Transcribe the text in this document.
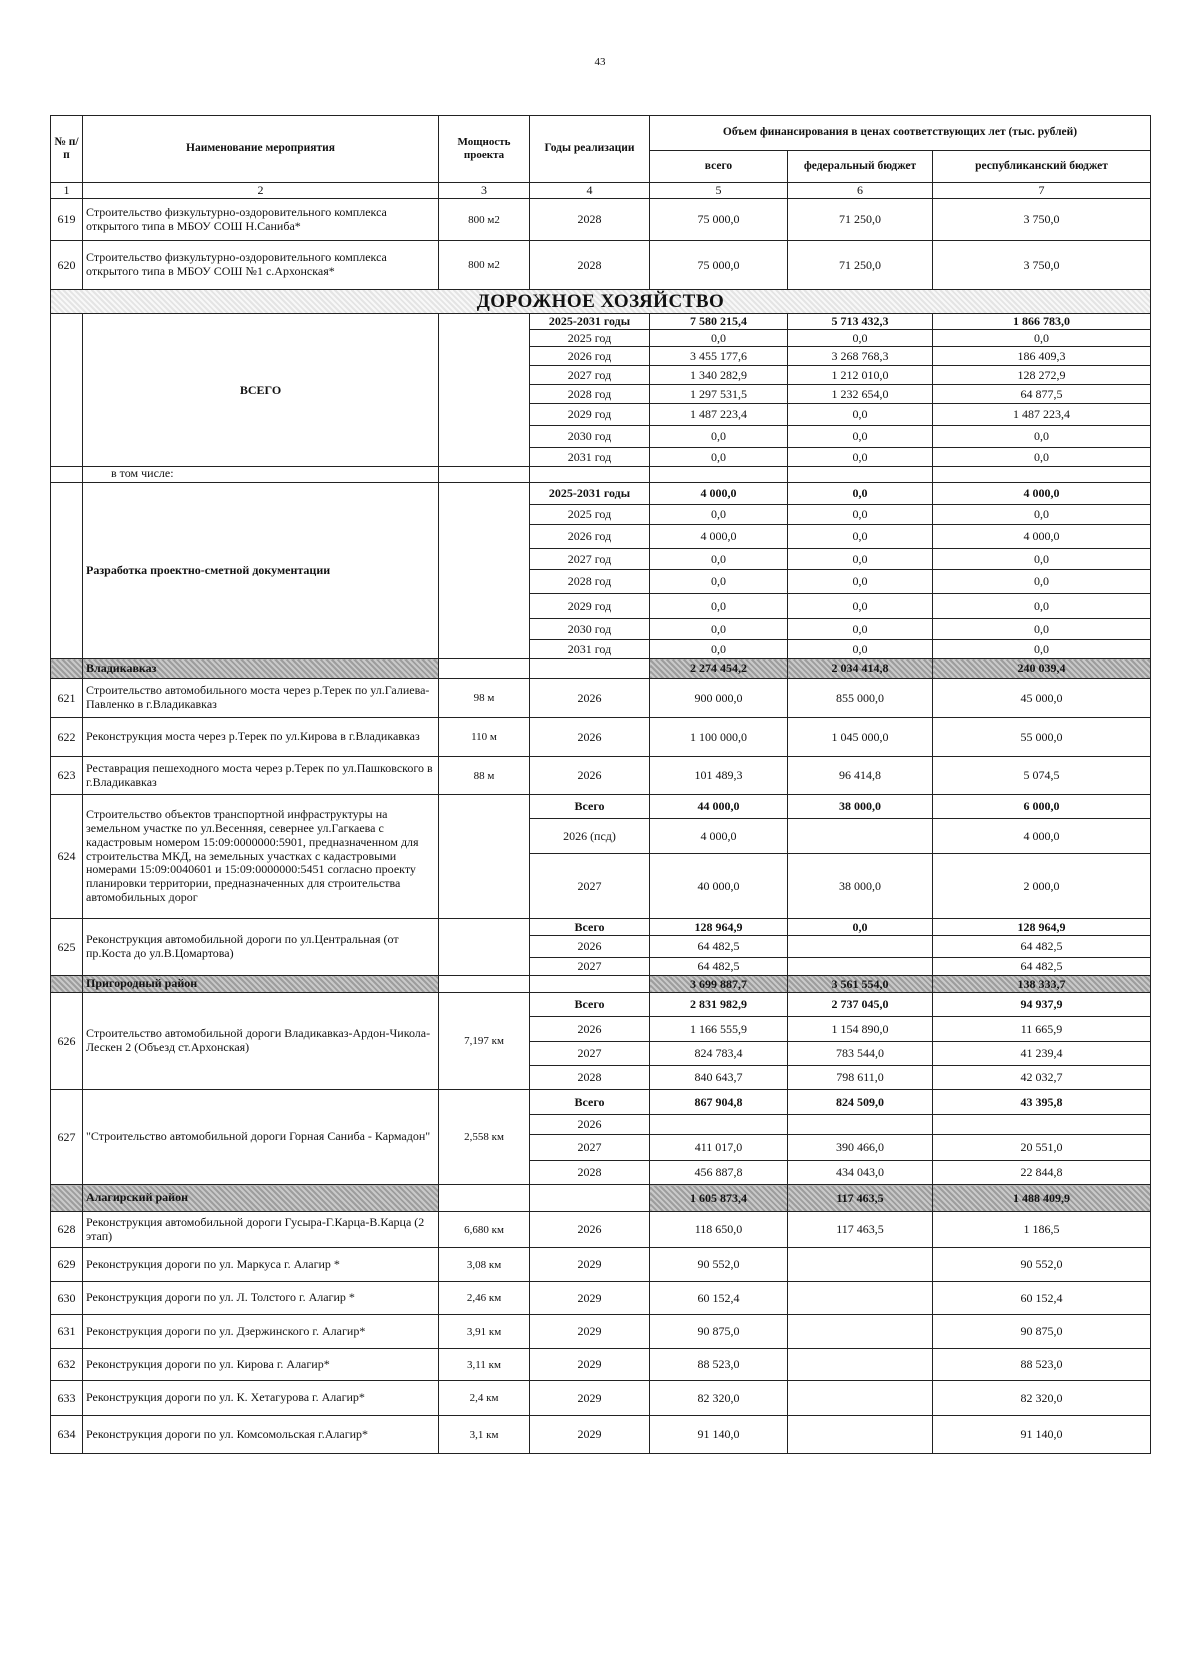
43
№ п/п	Наименование мероприятия	Мощность проекта	Годы реализации	Объем финансирования в ценах соответствующих лет (тыс. рублей)		
				всего	федеральный бюджет	республиканский бюджет
1	2	3	4	5	6	7
619	Строительство физкультурно-оздоровительного комплекса открытого типа в МБОУ СОШ Н.Саниба*	800 м2	2028	75 000,0	71 250,0	3 750,0
620	Строительство физкультурно-оздоровительного комплекса открытого типа в МБОУ СОШ №1 с.Архонская*	800 м2	2028	75 000,0	71 250,0	3 750,0
ДОРОЖНОЕ ХОЗЯЙСТВО						
	ВСЕГО		2025-2031 годы	7 580 215,4	5 713 432,3	1 866 783,0
			2025 год	0,0	0,0	0,0
			2026 год	3 455 177,6	3 268 768,3	186 409,3
			2027 год	1 340 282,9	1 212 010,0	128 272,9
			2028 год	1 297 531,5	1 232 654,0	64 877,5
			2029 год	1 487 223,4	0,0	1 487 223,4
			2030 год	0,0	0,0	0,0
			2031 год	0,0	0,0	0,0
	в том числе:					
	Разработка проектно-сметной документации		2025-2031 годы	4 000,0	0,0	4 000,0
			2025 год	0,0	0,0	0,0
			2026 год	4 000,0	0,0	4 000,0
			2027 год	0,0	0,0	0,0
			2028 год	0,0	0,0	0,0
			2029 год	0,0	0,0	0,0
			2030 год	0,0	0,0	0,0
			2031 год	0,0	0,0	0,0
	Владикавказ			2 274 454,2	2 034 414,8	240 039,4
621	Строительство автомобильного моста через р.Терек по ул.Галиева-Павленко в г.Владикавказ	98 м	2026	900 000,0	855 000,0	45 000,0
622	Реконструкция моста через р.Терек по ул.Кирова в г.Владикавказ	110 м	2026	1 100 000,0	1 045 000,0	55 000,0
623	Реставрация пешеходного моста через р.Терек по ул.Пашковского в г.Владикавказ	88 м	2026	101 489,3	96 414,8	5 074,5
624	Строительство объектов транспортной инфраструктуры на земельном участке по ул.Весенняя, севернее ул.Гагкаева с кадастровым номером 15:09:0000000:5901, предназначенном для строительства МКД, на земельных участках с кадастровыми номерами 15:09:0040601 и 15:09:0000000:5451 согласно проекту планировки территории, предназначенных для строительства автомобильных дорог		Всего	44 000,0	38 000,0	6 000,0
			2026 (псд)	4 000,0		4 000,0
			2027	40 000,0	38 000,0	2 000,0
625	Реконструкция автомобильной дороги по ул.Центральная (от пр.Коста до ул.В.Цомартова)		Всего	128 964,9	0,0	128 964,9
			2026	64 482,5		64 482,5
			2027	64 482,5		64 482,5
	Пригородный район			3 699 887,7	3 561 554,0	138 333,7
626	Строительство автомобильной дороги Владикавказ-Ардон-Чикола-Лескен 2 (Объезд ст.Архонская)	7,197 км	Всего	2 831 982,9	2 737 045,0	94 937,9
			2026	1 166 555,9	1 154 890,0	11 665,9
			2027	824 783,4	783 544,0	41 239,4
			2028	840 643,7	798 611,0	42 032,7
627	"Строительство автомобильной дороги Горная Саниба - Кармадон"	2,558 км	Всего	867 904,8	824 509,0	43 395,8
			2026			
			2027	411 017,0	390 466,0	20 551,0
			2028	456 887,8	434 043,0	22 844,8
	Алагирский район			1 605 873,4	117 463,5	1 488 409,9
628	Реконструкция автомобильной дороги Гусыра-Г.Карца-В.Карца (2 этап)	6,680 км	2026	118 650,0	117 463,5	1 186,5
629	Реконструкция дороги по ул. Маркуса г. Алагир *	3,08 км	2029	90 552,0		90 552,0
630	Реконструкция дороги по ул. Л. Толстого г. Алагир *	2,46 км	2029	60 152,4		60 152,4
631	Реконструкция дороги по ул. Дзержинского г. Алагир*	3,91 км	2029	90 875,0		90 875,0
632	Реконструкция дороги по ул. Кирова г. Алагир*	3,11 км	2029	88 523,0		88 523,0
633	Реконструкция дороги по ул. К. Хетагурова г. Алагир*	2,4 км	2029	82 320,0		82 320,0
634	Реконструкция дороги по ул. Комсомольская г.Алагир*	3,1 км	2029	91 140,0		91 140,0
